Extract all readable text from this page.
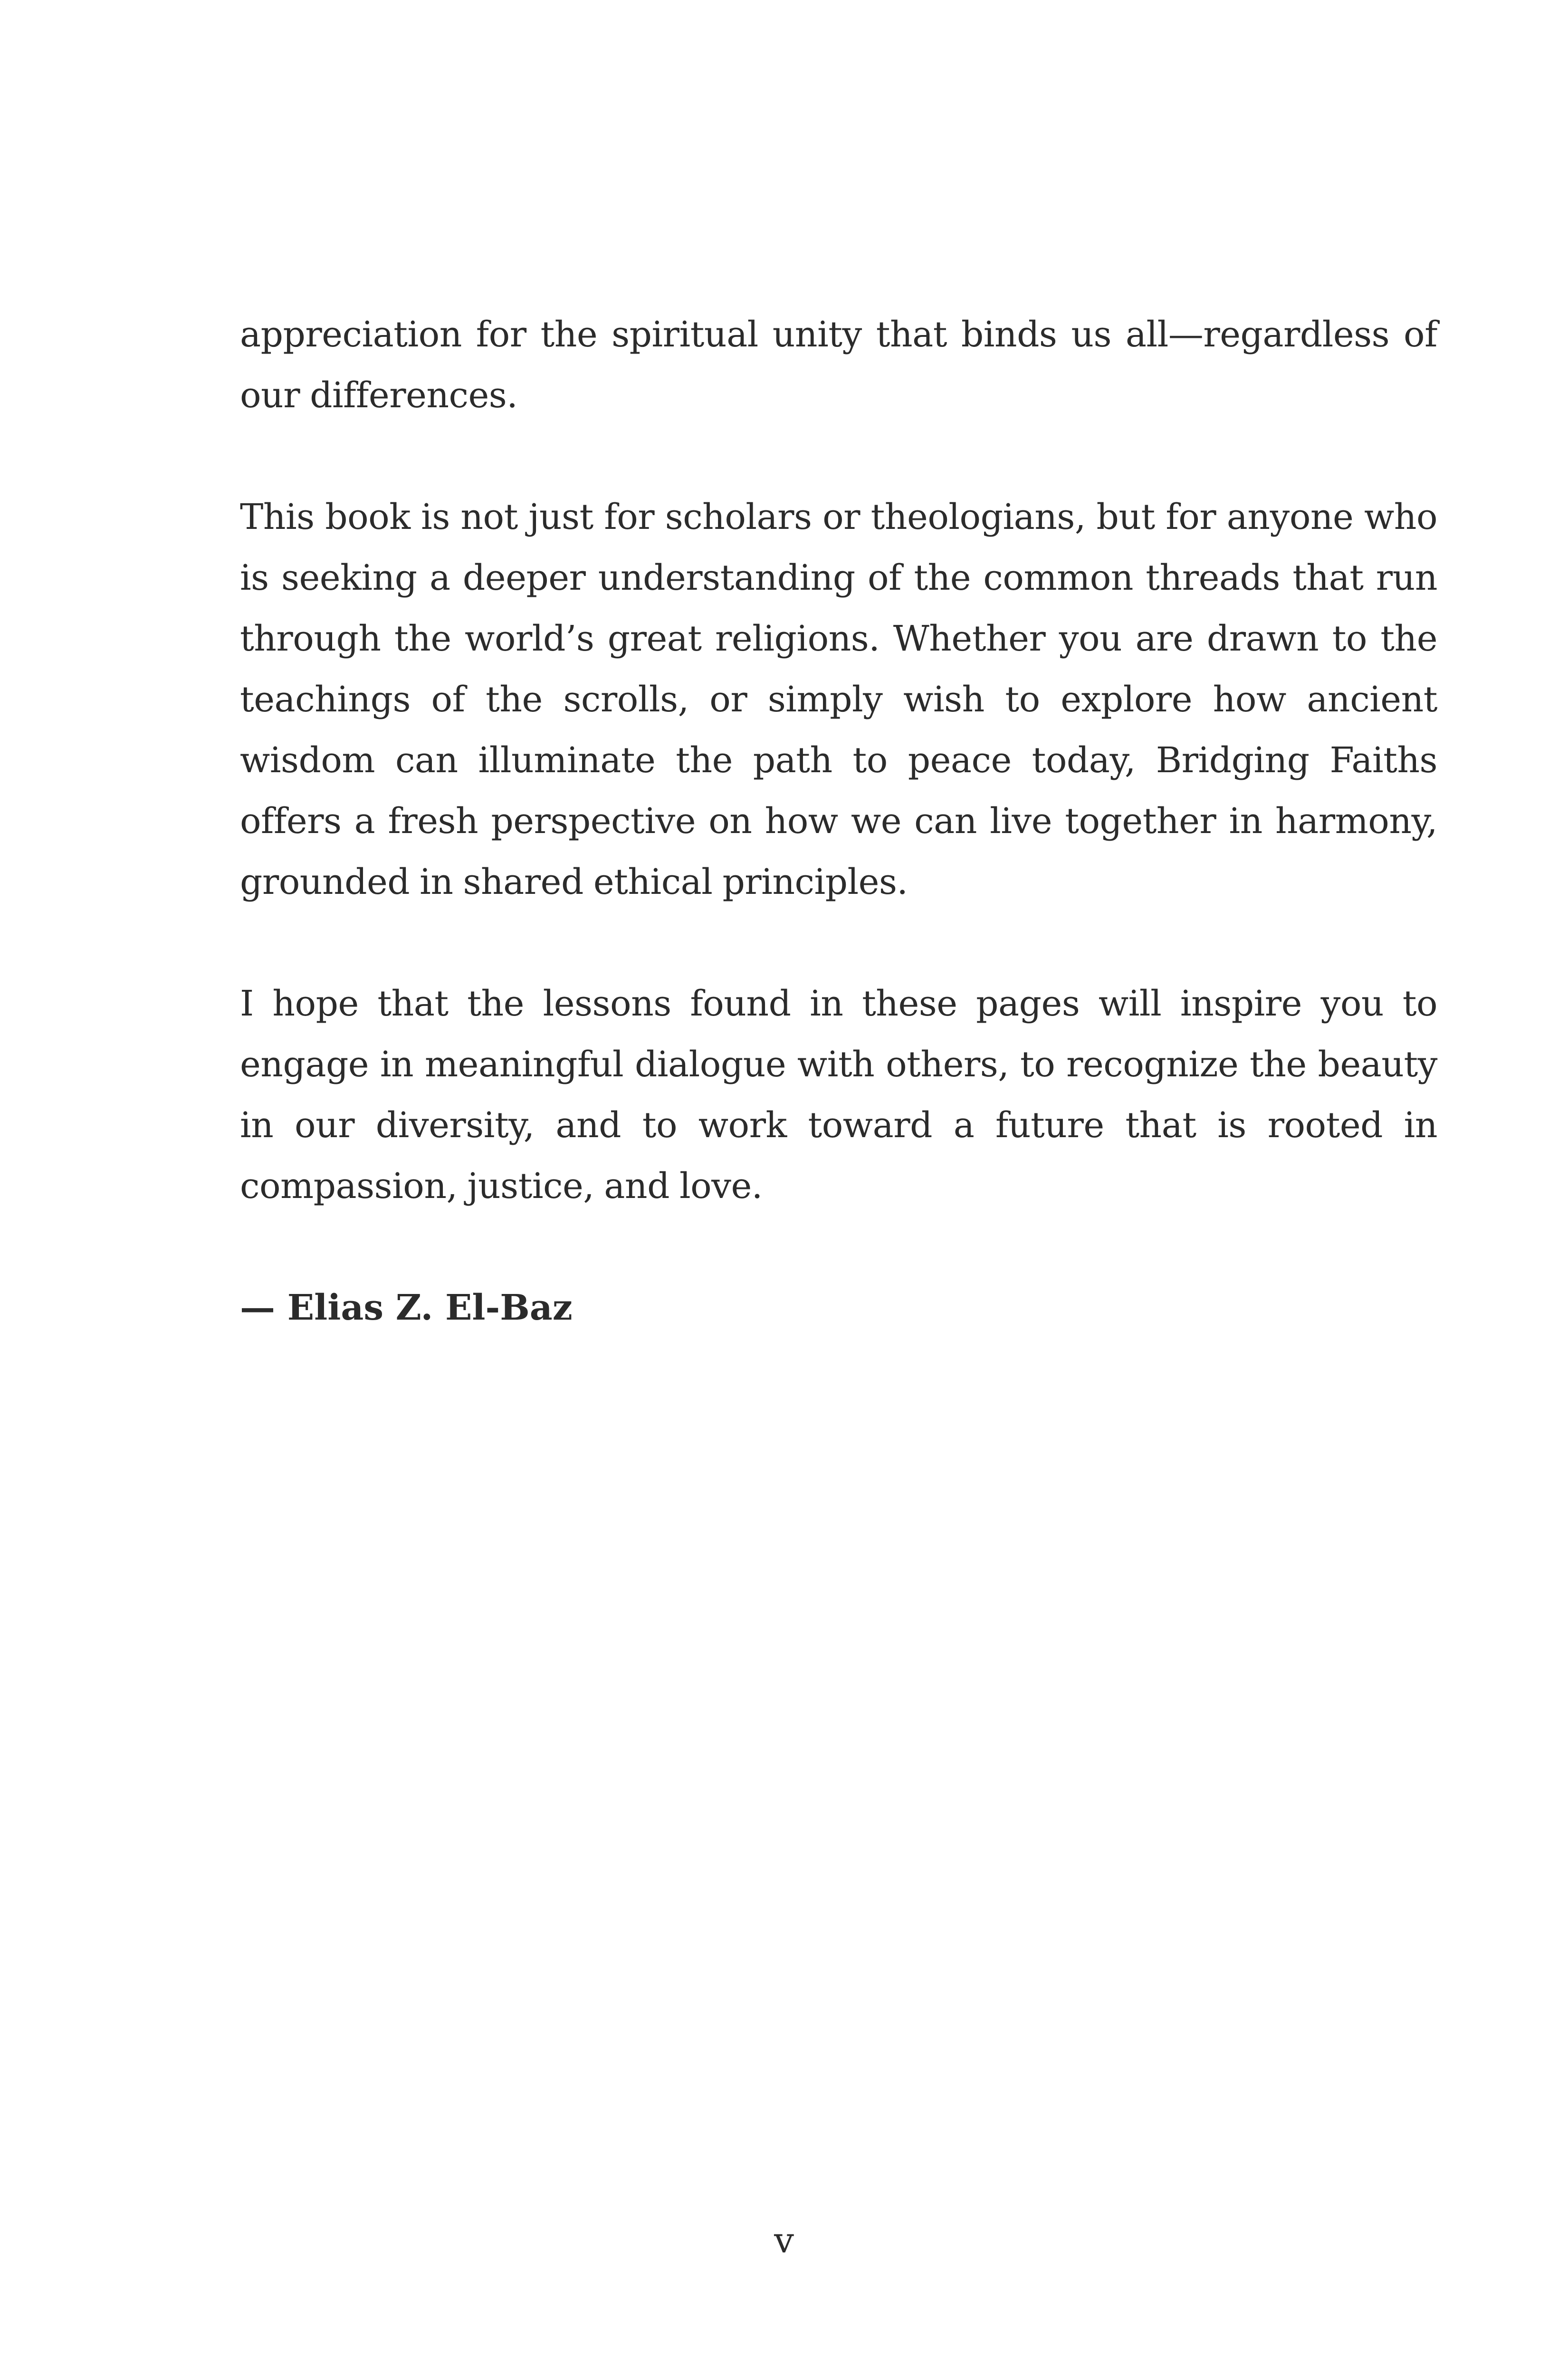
appreciation for the spiritual unity that binds us all—regardless of our differences.

This book is not just for scholars or theologians, but for anyone who is seeking a deeper understanding of the common threads that run through the world’s great religions. Whether you are drawn to the teachings of the scrolls, or simply wish to explore how ancient wisdom can illuminate the path to peace today, Bridging Faiths offers a fresh perspective on how we can live together in harmony, grounded in shared ethical principles.

I hope that the lessons found in these pages will inspire you to engage in meaningful dialogue with others, to recognize the beauty in our diversity, and to work toward a future that is rooted in compassion, justice, and love.

— Elias Z. El-Baz

v
